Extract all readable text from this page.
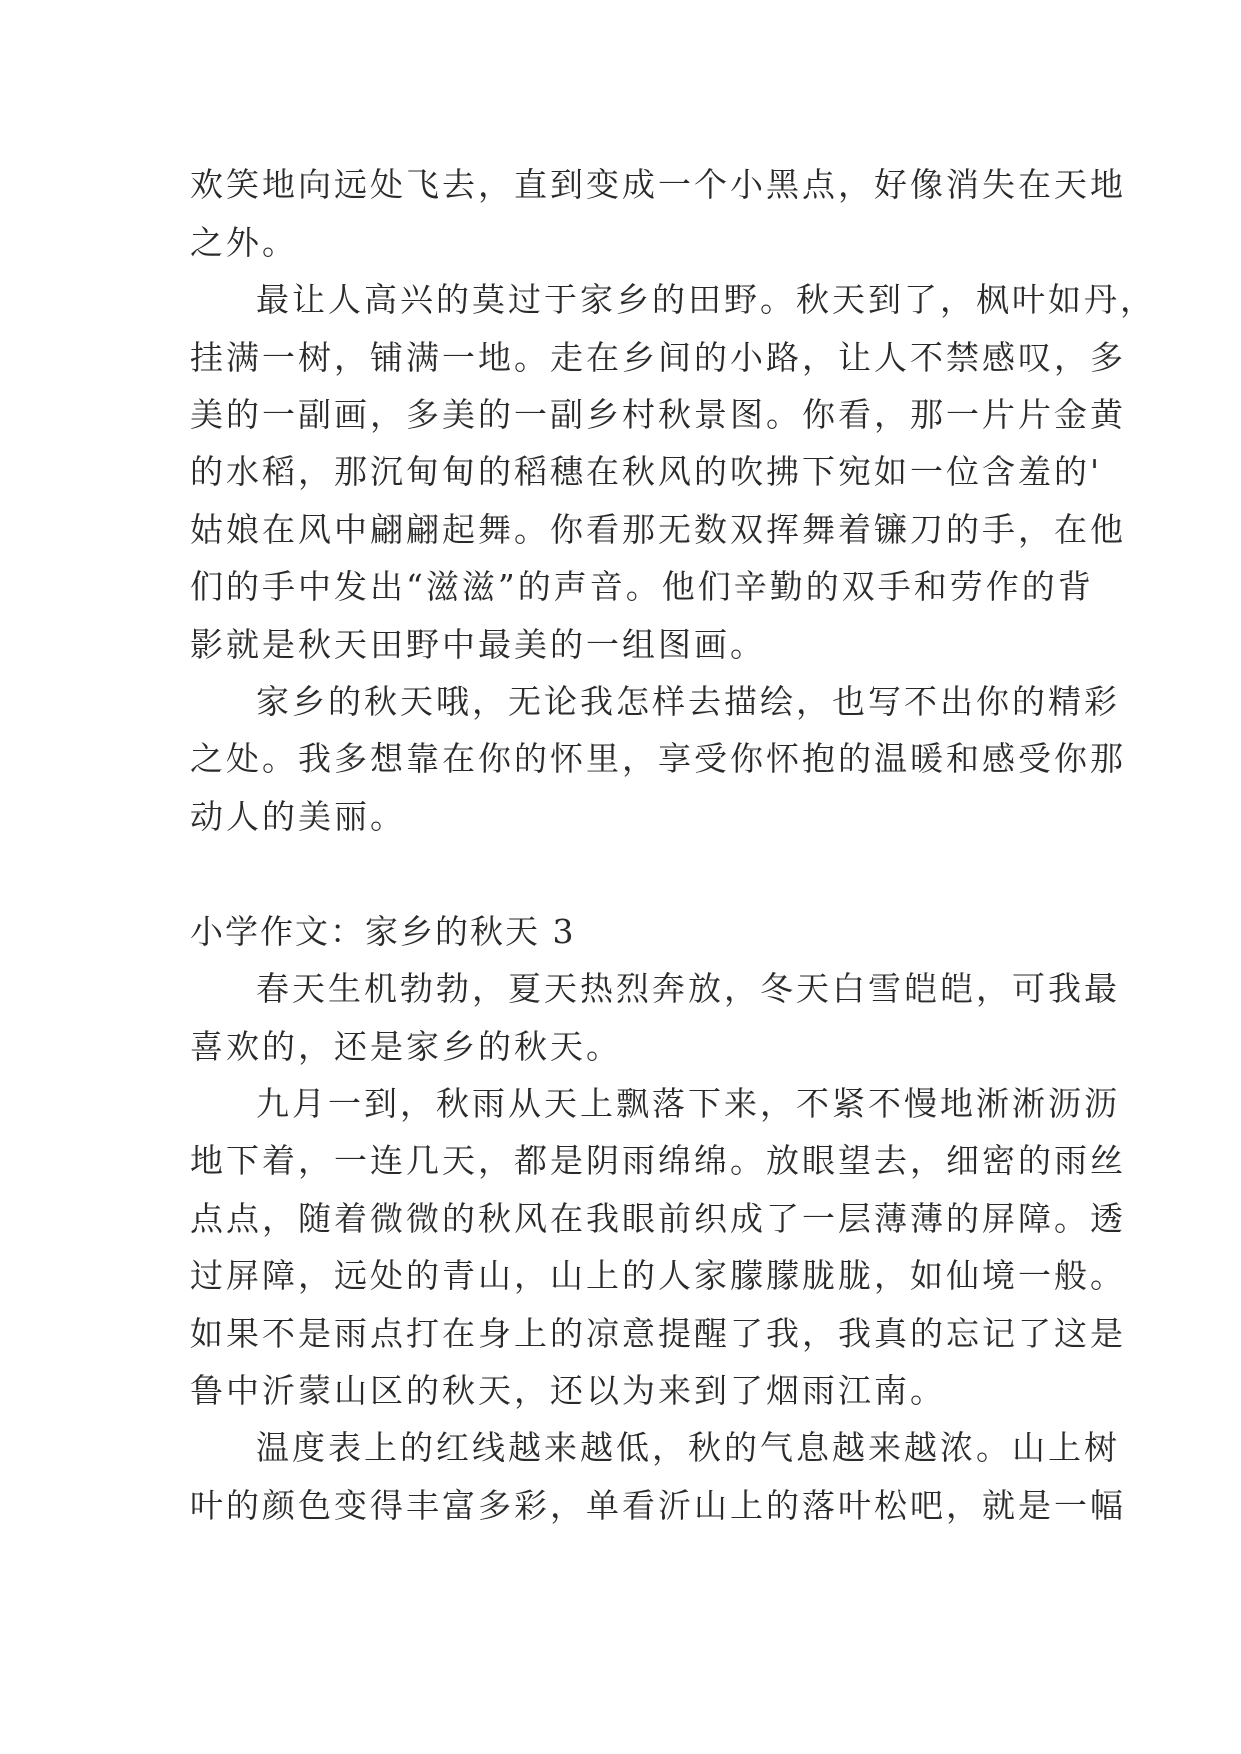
欢笑地向远处飞去，直到变成一个小黑点，好像消失在天地

之外。

最让人高兴的莫过于家乡的田野。秋天到了，枫叶如丹，

挂满一树，铺满一地。走在乡间的小路，让人不禁感叹，多

美的一副画，多美的一副乡村秋景图。你看，那一片片金黄

的水稻，那沉甸甸的稻穗在秋风的吹拂下宛如一位含羞的'

姑娘在风中翩翩起舞。你看那无数双挥舞着镰刀的手，在他

们的手中发出“滋滋”的声音。他们辛勤的双手和劳作的背

影就是秋天田野中最美的一组图画。

家乡的秋天哦，无论我怎样去描绘，也写不出你的精彩

之处。我多想靠在你的怀里，享受你怀抱的温暖和感受你那

动人的美丽。

小学作文：家乡的秋天 3

春天生机勃勃，夏天热烈奔放，冬天白雪皑皑，可我最

喜欢的，还是家乡的秋天。

九月一到，秋雨从天上飘落下来，不紧不慢地淅淅沥沥

地下着，一连几天，都是阴雨绵绵。放眼望去，细密的雨丝

点点，随着微微的秋风在我眼前织成了一层薄薄的屏障。透

过屏障，远处的青山，山上的人家朦朦胧胧，如仙境一般。

如果不是雨点打在身上的凉意提醒了我，我真的忘记了这是

鲁中沂蒙山区的秋天，还以为来到了烟雨江南。

温度表上的红线越来越低，秋的气息越来越浓。山上树

叶的颜色变得丰富多彩，单看沂山上的落叶松吧，就是一幅
